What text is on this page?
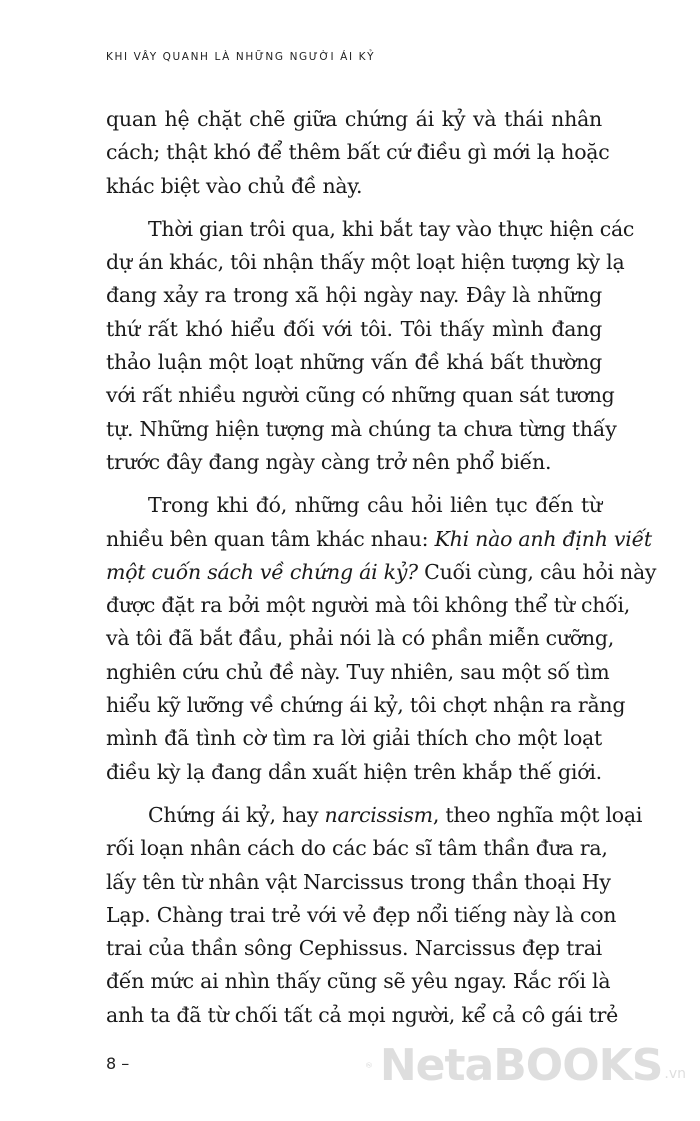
KHI VÂY QUANH LÀ NHỮNG NGƯỜI ÁI KỶ
quan hệ chặt chẽ giữa chứng ái kỷ và thái nhân
cách; thật khó để thêm bất cứ điều gì mới lạ hoặc
khác biệt vào chủ đề này.
Thời gian trôi qua, khi bắt tay vào thực hiện các
dự án khác, tôi nhận thấy một loạt hiện tượng kỳ lạ
đang xảy ra trong xã hội ngày nay. Đây là những
thứ rất khó hiểu đối với tôi. Tôi thấy mình đang
thảo luận một loạt những vấn đề khá bất thường
với rất nhiều người cũng có những quan sát tương
tự. Những hiện tượng mà chúng ta chưa từng thấy
trước đây đang ngày càng trở nên phổ biến.
Trong khi đó, những câu hỏi liên tục đến từ
nhiều bên quan tâm khác nhau: Khi nào anh định viết
một cuốn sách về chứng ái kỷ? Cuối cùng, câu hỏi này
được đặt ra bởi một người mà tôi không thể từ chối,
và tôi đã bắt đầu, phải nói là có phần miễn cưỡng,
nghiên cứu chủ đề này. Tuy nhiên, sau một số tìm
hiểu kỹ lưỡng về chứng ái kỷ, tôi chợt nhận ra rằng
mình đã tình cờ tìm ra lời giải thích cho một loạt
điều kỳ lạ đang dần xuất hiện trên khắp thế giới.
Chứng ái kỷ, hay narcissism, theo nghĩa một loại
rối loạn nhân cách do các bác sĩ tâm thần đưa ra,
lấy tên từ nhân vật Narcissus trong thần thoại Hy
Lạp. Chàng trai trẻ với vẻ đẹp nổi tiếng này là con
trai của thần sông Cephissus. Narcissus đẹp trai
đến mức ai nhìn thấy cũng sẽ yêu ngay. Rắc rối là
anh ta đã từ chối tất cả mọi người, kể cả cô gái trẻ
8 –	NetaBOOKS .vn
